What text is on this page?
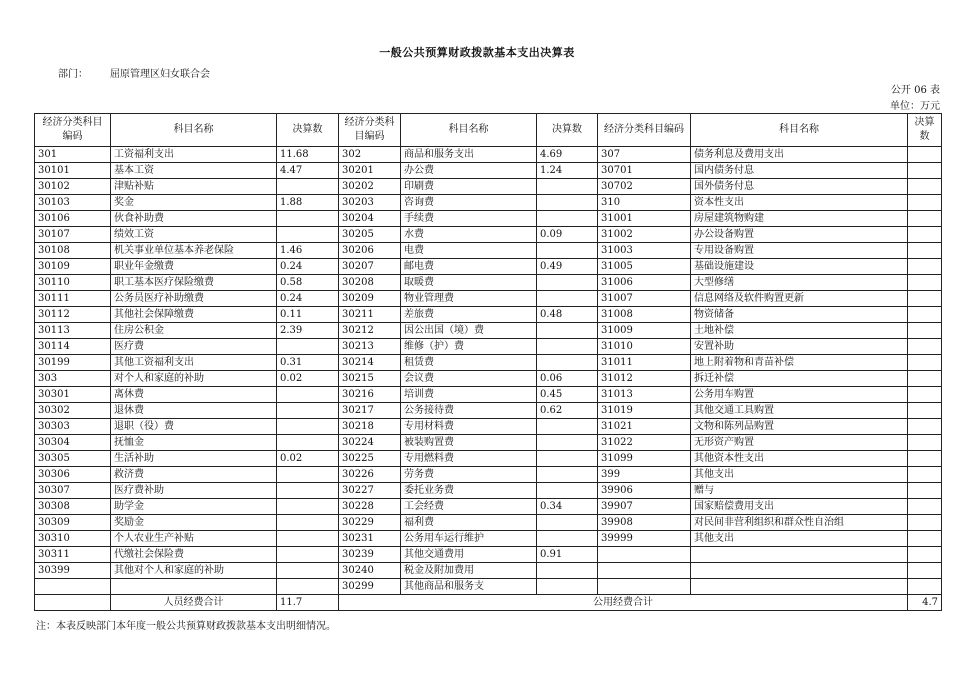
一般公共预算财政拨款基本支出决算表
部门： 屈原管理区妇女联合会
公开 06 表
单位：万元
经济分类科目编码	科目名称	决算数	经济分类科目编码	科目名称	决算数	经济分类科目编码	科目名称	决算数
301	工资福利支出	11.68	302	商品和服务支出	4.69	307	债务利息及费用支出	
30101	基本工资	4.47	30201	办公费	1.24	30701	国内债务付息	
30102	津贴补贴		30202	印刷费		30702	国外债务付息	
30103	奖金	1.88	30203	咨询费		310	资本性支出	
30106	伙食补助费		30204	手续费		31001	房屋建筑物购建	
30107	绩效工资		30205	水费	0.09	31002	办公设备购置	
30108	机关事业单位基本养老保险	1.46	30206	电费		31003	专用设备购置	
30109	职业年金缴费	0.24	30207	邮电费	0.49	31005	基础设施建设	
30110	职工基本医疗保险缴费	0.58	30208	取暖费		31006	大型修缮	
30111	公务员医疗补助缴费	0.24	30209	物业管理费		31007	信息网络及软件购置更新	
30112	其他社会保障缴费	0.11	30211	差旅费	0.48	31008	物资储备	
30113	住房公积金	2.39	30212	因公出国（境）费		31009	土地补偿	
30114	医疗费		30213	维修（护）费		31010	安置补助	
30199	其他工资福利支出	0.31	30214	租赁费		31011	地上附着物和青苗补偿	
303	对个人和家庭的补助	0.02	30215	会议费	0.06	31012	拆迁补偿	
30301	离休费		30216	培训费	0.45	31013	公务用车购置	
30302	退休费		30217	公务接待费	0.62	31019	其他交通工具购置	
30303	退职（役）费		30218	专用材料费		31021	文物和陈列品购置	
30304	抚恤金		30224	被装购置费		31022	无形资产购置	
30305	生活补助	0.02	30225	专用燃料费		31099	其他资本性支出	
30306	救济费		30226	劳务费		399	其他支出	
30307	医疗费补助		30227	委托业务费		39906	赠与	
30308	助学金		30228	工会经费	0.34	39907	国家赔偿费用支出	
30309	奖励金		30229	福利费		39908	对民间非营利组织和群众性自治组	
30310	个人农业生产补贴		30231	公务用车运行维护		39999	其他支出	
30311	代缴社会保险费		30239	其他交通费用	0.91			
30399	其他对个人和家庭的补助		30240	税金及附加费用				
			30299	其他商品和服务支				
	人员经费合计	11.7	公用经费合计					4.7
注：本表反映部门本年度一般公共预算财政拨款基本支出明细情况。
